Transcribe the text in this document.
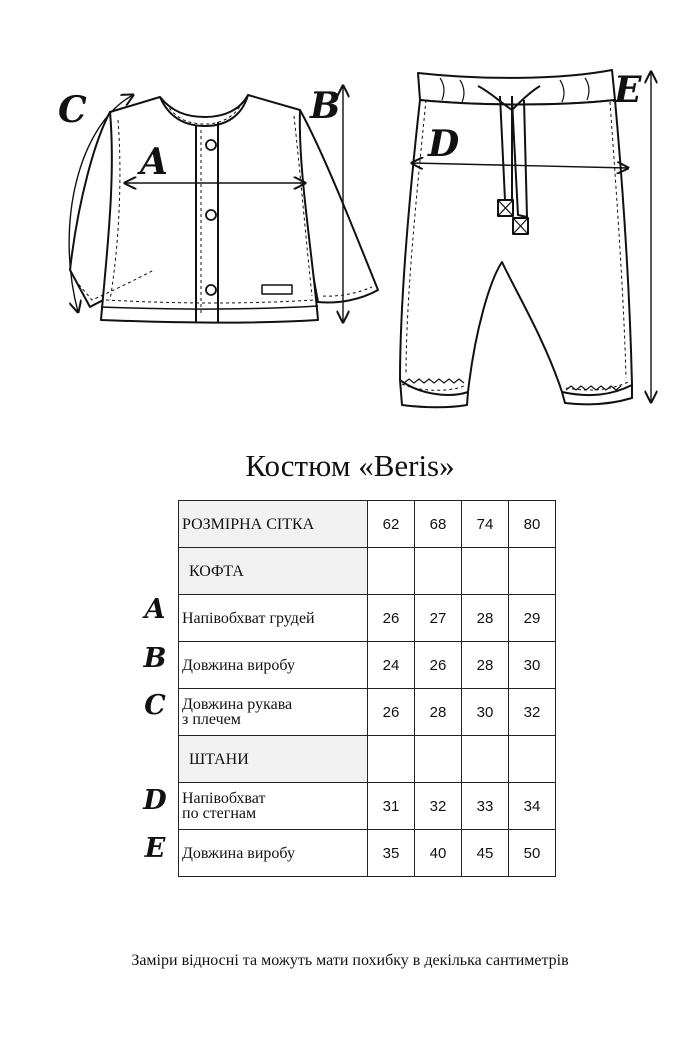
A
B
C
D
E
Костюм «Beris»
РОЗМІРНА СІТКА	62	68	74	80
КОФТА				
Напівобхват грудей	26	27	28	29
Довжина виробу	24	26	28	30
Довжина рукава
з плечем	26	28	30	32
ШТАНИ				
Напівобхват
по стегнам	31	32	33	34
Довжина виробу	35	40	45	50
A
B
C
D
E
Заміри відносні та можуть мати похибку в декілька сантиметрів
